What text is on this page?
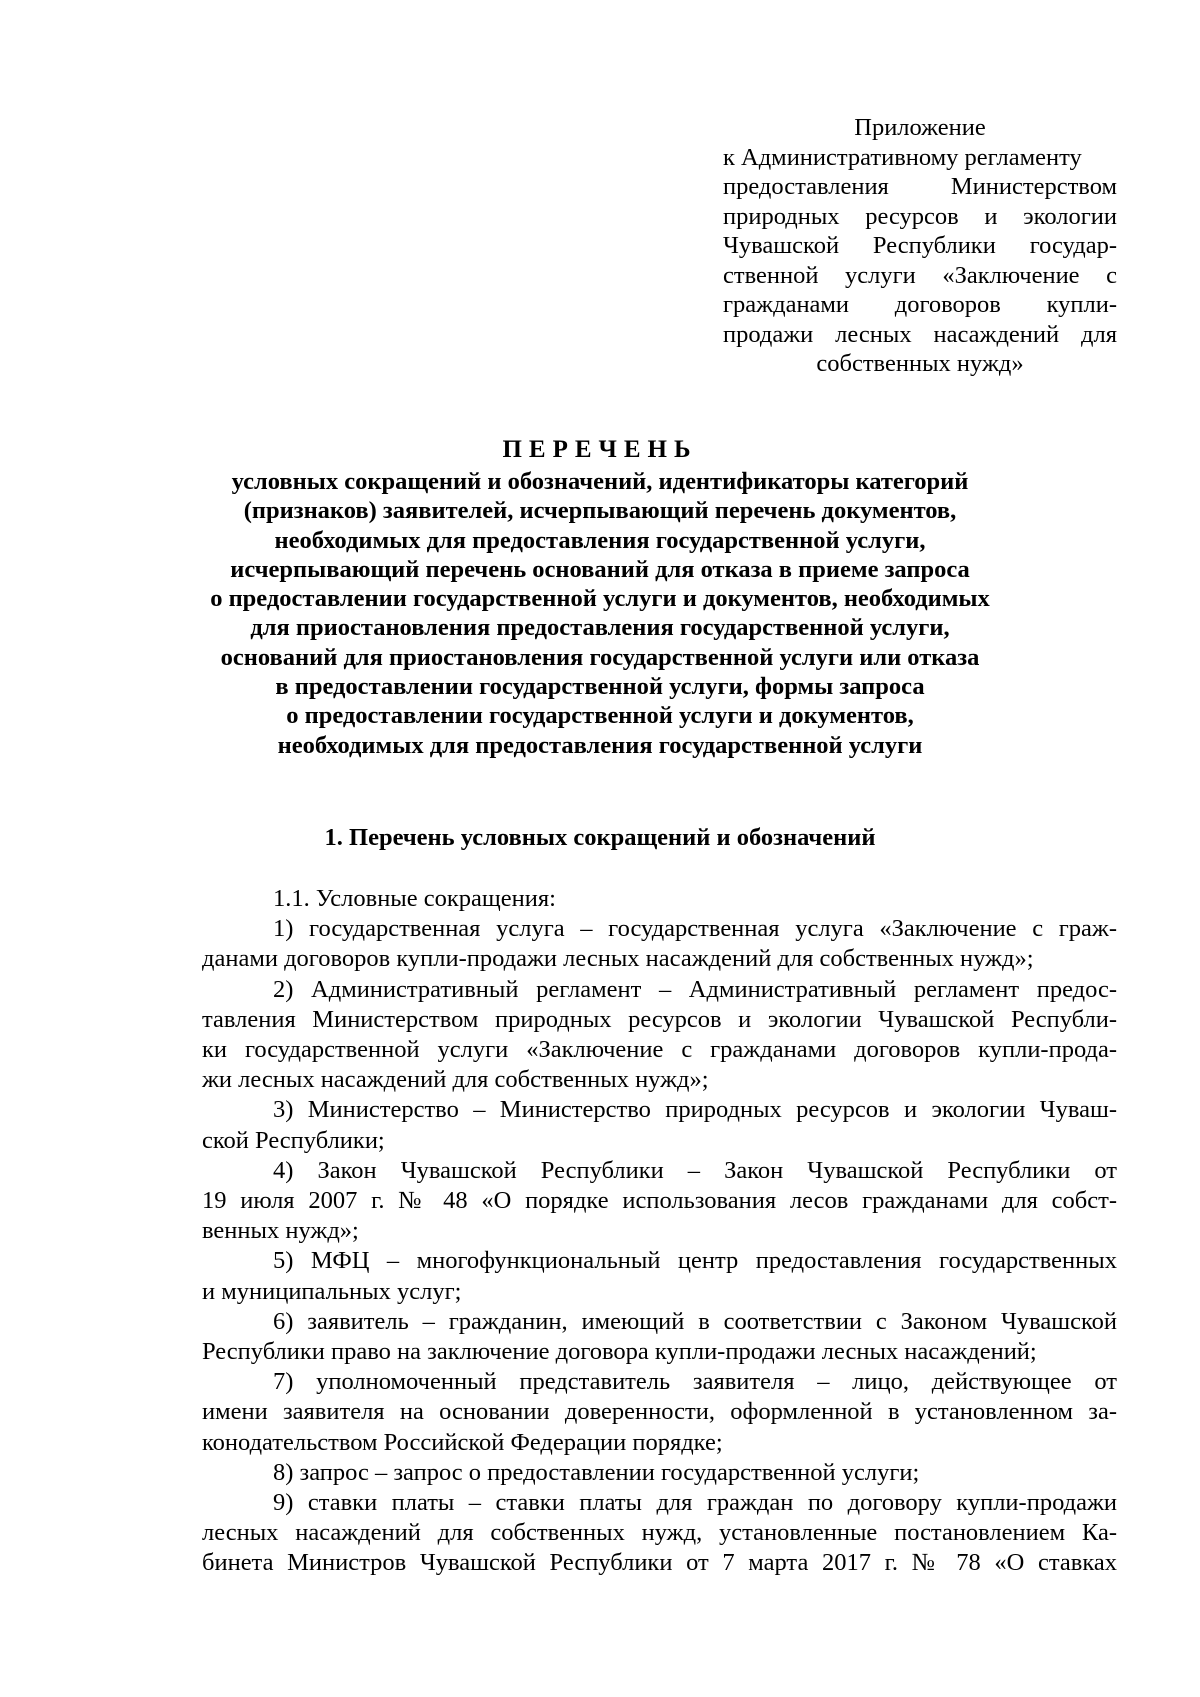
Приложение
к Административному регламенту
предоставления Министерством
природных ресурсов и экологии
Чувашской Республики государ-
ственной услуги «Заключение с
гражданами договоров купли-
продажи лесных насаждений для
собственных нужд»
ПЕРЕЧЕНЬ
условных сокращений и обозначений, идентификаторы категорий
(признаков) заявителей, исчерпывающий перечень документов,
необходимых для предоставления государственной услуги,
исчерпывающий перечень оснований для отказа в приеме запроса
о предоставлении государственной услуги и документов, необходимых
для приостановления предоставления государственной услуги,
оснований для приостановления государственной услуги или отказа
в предоставлении государственной услуги, формы запроса
о предоставлении государственной услуги и документов,
необходимых для предоставления государственной услуги
1. Перечень условных сокращений и обозначений
1.1. Условные сокращения:
1) государственная услуга – государственная услуга «Заключение с граж-
данами договоров купли-продажи лесных насаждений для собственных нужд»;
2) Административный регламент – Административный регламент предос-
тавления Министерством природных ресурсов и экологии Чувашской Республи-
ки государственной услуги «Заключение с гражданами договоров купли-прода-
жи лесных насаждений для собственных нужд»;
3) Министерство – Министерство природных ресурсов и экологии Чуваш-
ской Республики;
4) Закон Чувашской Республики – Закон Чувашской Республики от
19 июля 2007 г. № 48 «О порядке использования лесов гражданами для собст-
венных нужд»;
5) МФЦ – многофункциональный центр предоставления государственных
и муниципальных услуг;
6) заявитель – гражданин, имеющий в соответствии с Законом Чувашской
Республики право на заключение договора купли-продажи лесных насаждений;
7) уполномоченный представитель заявителя – лицо, действующее от
имени заявителя на основании доверенности, оформленной в установленном за-
конодательством Российской Федерации порядке;
8) запрос – запрос о предоставлении государственной услуги;
9) ставки платы – ставки платы для граждан по договору купли-продажи
лесных насаждений для собственных нужд, установленные постановлением Ка-
бинета Министров Чувашской Республики от 7 марта 2017 г. № 78 «О ставках
